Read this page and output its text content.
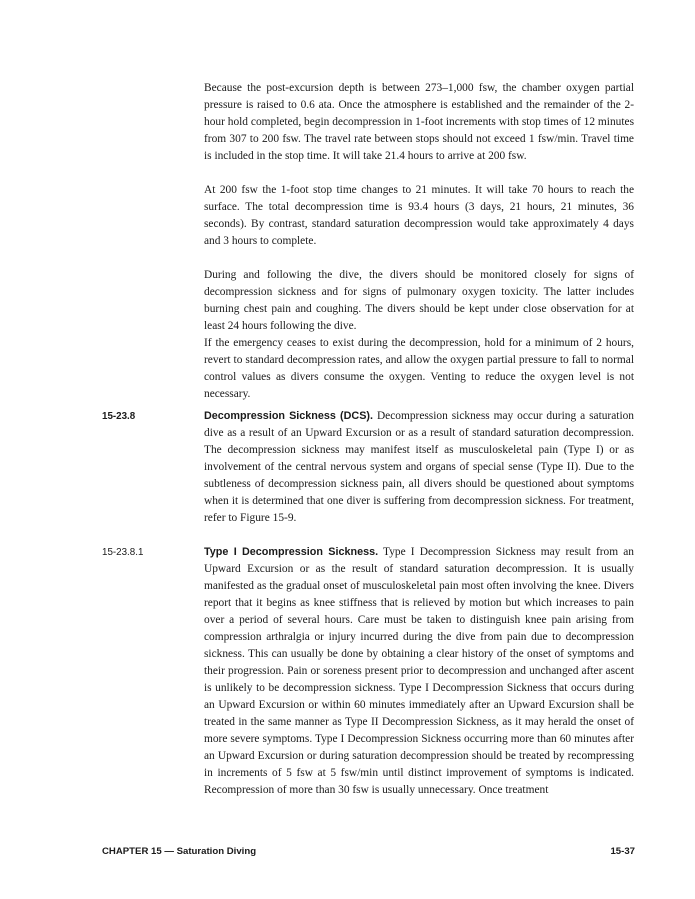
Because the post-excursion depth is between 273–1,000 fsw, the chamber oxygen partial pressure is raised to 0.6 ata. Once the atmosphere is established and the remainder of the 2-hour hold completed, begin decompression in 1-foot increments with stop times of 12 minutes from 307 to 200 fsw. The travel rate between stops should not exceed 1 fsw/min. Travel time is included in the stop time. It will take 21.4 hours to arrive at 200 fsw.

At 200 fsw the 1-foot stop time changes to 21 minutes. It will take 70 hours to reach the surface. The total decompression time is 93.4 hours (3 days, 21 hours, 21 minutes, 36 seconds). By contrast, standard saturation decompression would take approximately 4 days and 3 hours to complete.

During and following the dive, the divers should be monitored closely for signs of decompression sickness and for signs of pulmonary oxygen toxicity. The latter includes burning chest pain and coughing. The divers should be kept under close observation for at least 24 hours following the dive.

If the emergency ceases to exist during the decompression, hold for a minimum of 2 hours, revert to standard decompression rates, and allow the oxygen partial pressure to fall to normal control values as divers consume the oxygen. Venting to reduce the oxygen level is not necessary.

15-23.8	Decompression Sickness (DCS). Decompression sickness may occur during a saturation dive as a result of an Upward Excursion or as a result of standard saturation decompression. The decompression sickness may manifest itself as musculoskeletal pain (Type I) or as involvement of the central nervous system and organs of special sense (Type II). Due to the subtleness of decompression sickness pain, all divers should be questioned about symptoms when it is determined that one diver is suffering from decompression sickness. For treatment, refer to Figure 15-9.

15-23.8.1	Type I Decompression Sickness. Type I Decompression Sickness may result from an Upward Excursion or as the result of standard saturation decompression. It is usually manifested as the gradual onset of musculoskeletal pain most often involving the knee. Divers report that it begins as knee stiffness that is relieved by motion but which increases to pain over a period of several hours. Care must be taken to distinguish knee pain arising from compression arthralgia or injury incurred during the dive from pain due to decompression sickness. This can usually be done by obtaining a clear history of the onset of symptoms and their progression. Pain or soreness present prior to decompression and unchanged after ascent is unlikely to be decompression sickness. Type I Decompression Sickness that occurs during an Upward Excursion or within 60 minutes immediately after an Upward Excursion shall be treated in the same manner as Type II Decompression Sickness, as it may herald the onset of more severe symptoms. Type I Decompression Sickness occurring more than 60 minutes after an Upward Excursion or during saturation decompression should be treated by recompressing in increments of 5 fsw at 5 fsw/min until distinct improvement of symptoms is indicated. Recompression of more than 30 fsw is usually unnecessary. Once treatment

CHAPTER 15 — Saturation Diving	15-37
